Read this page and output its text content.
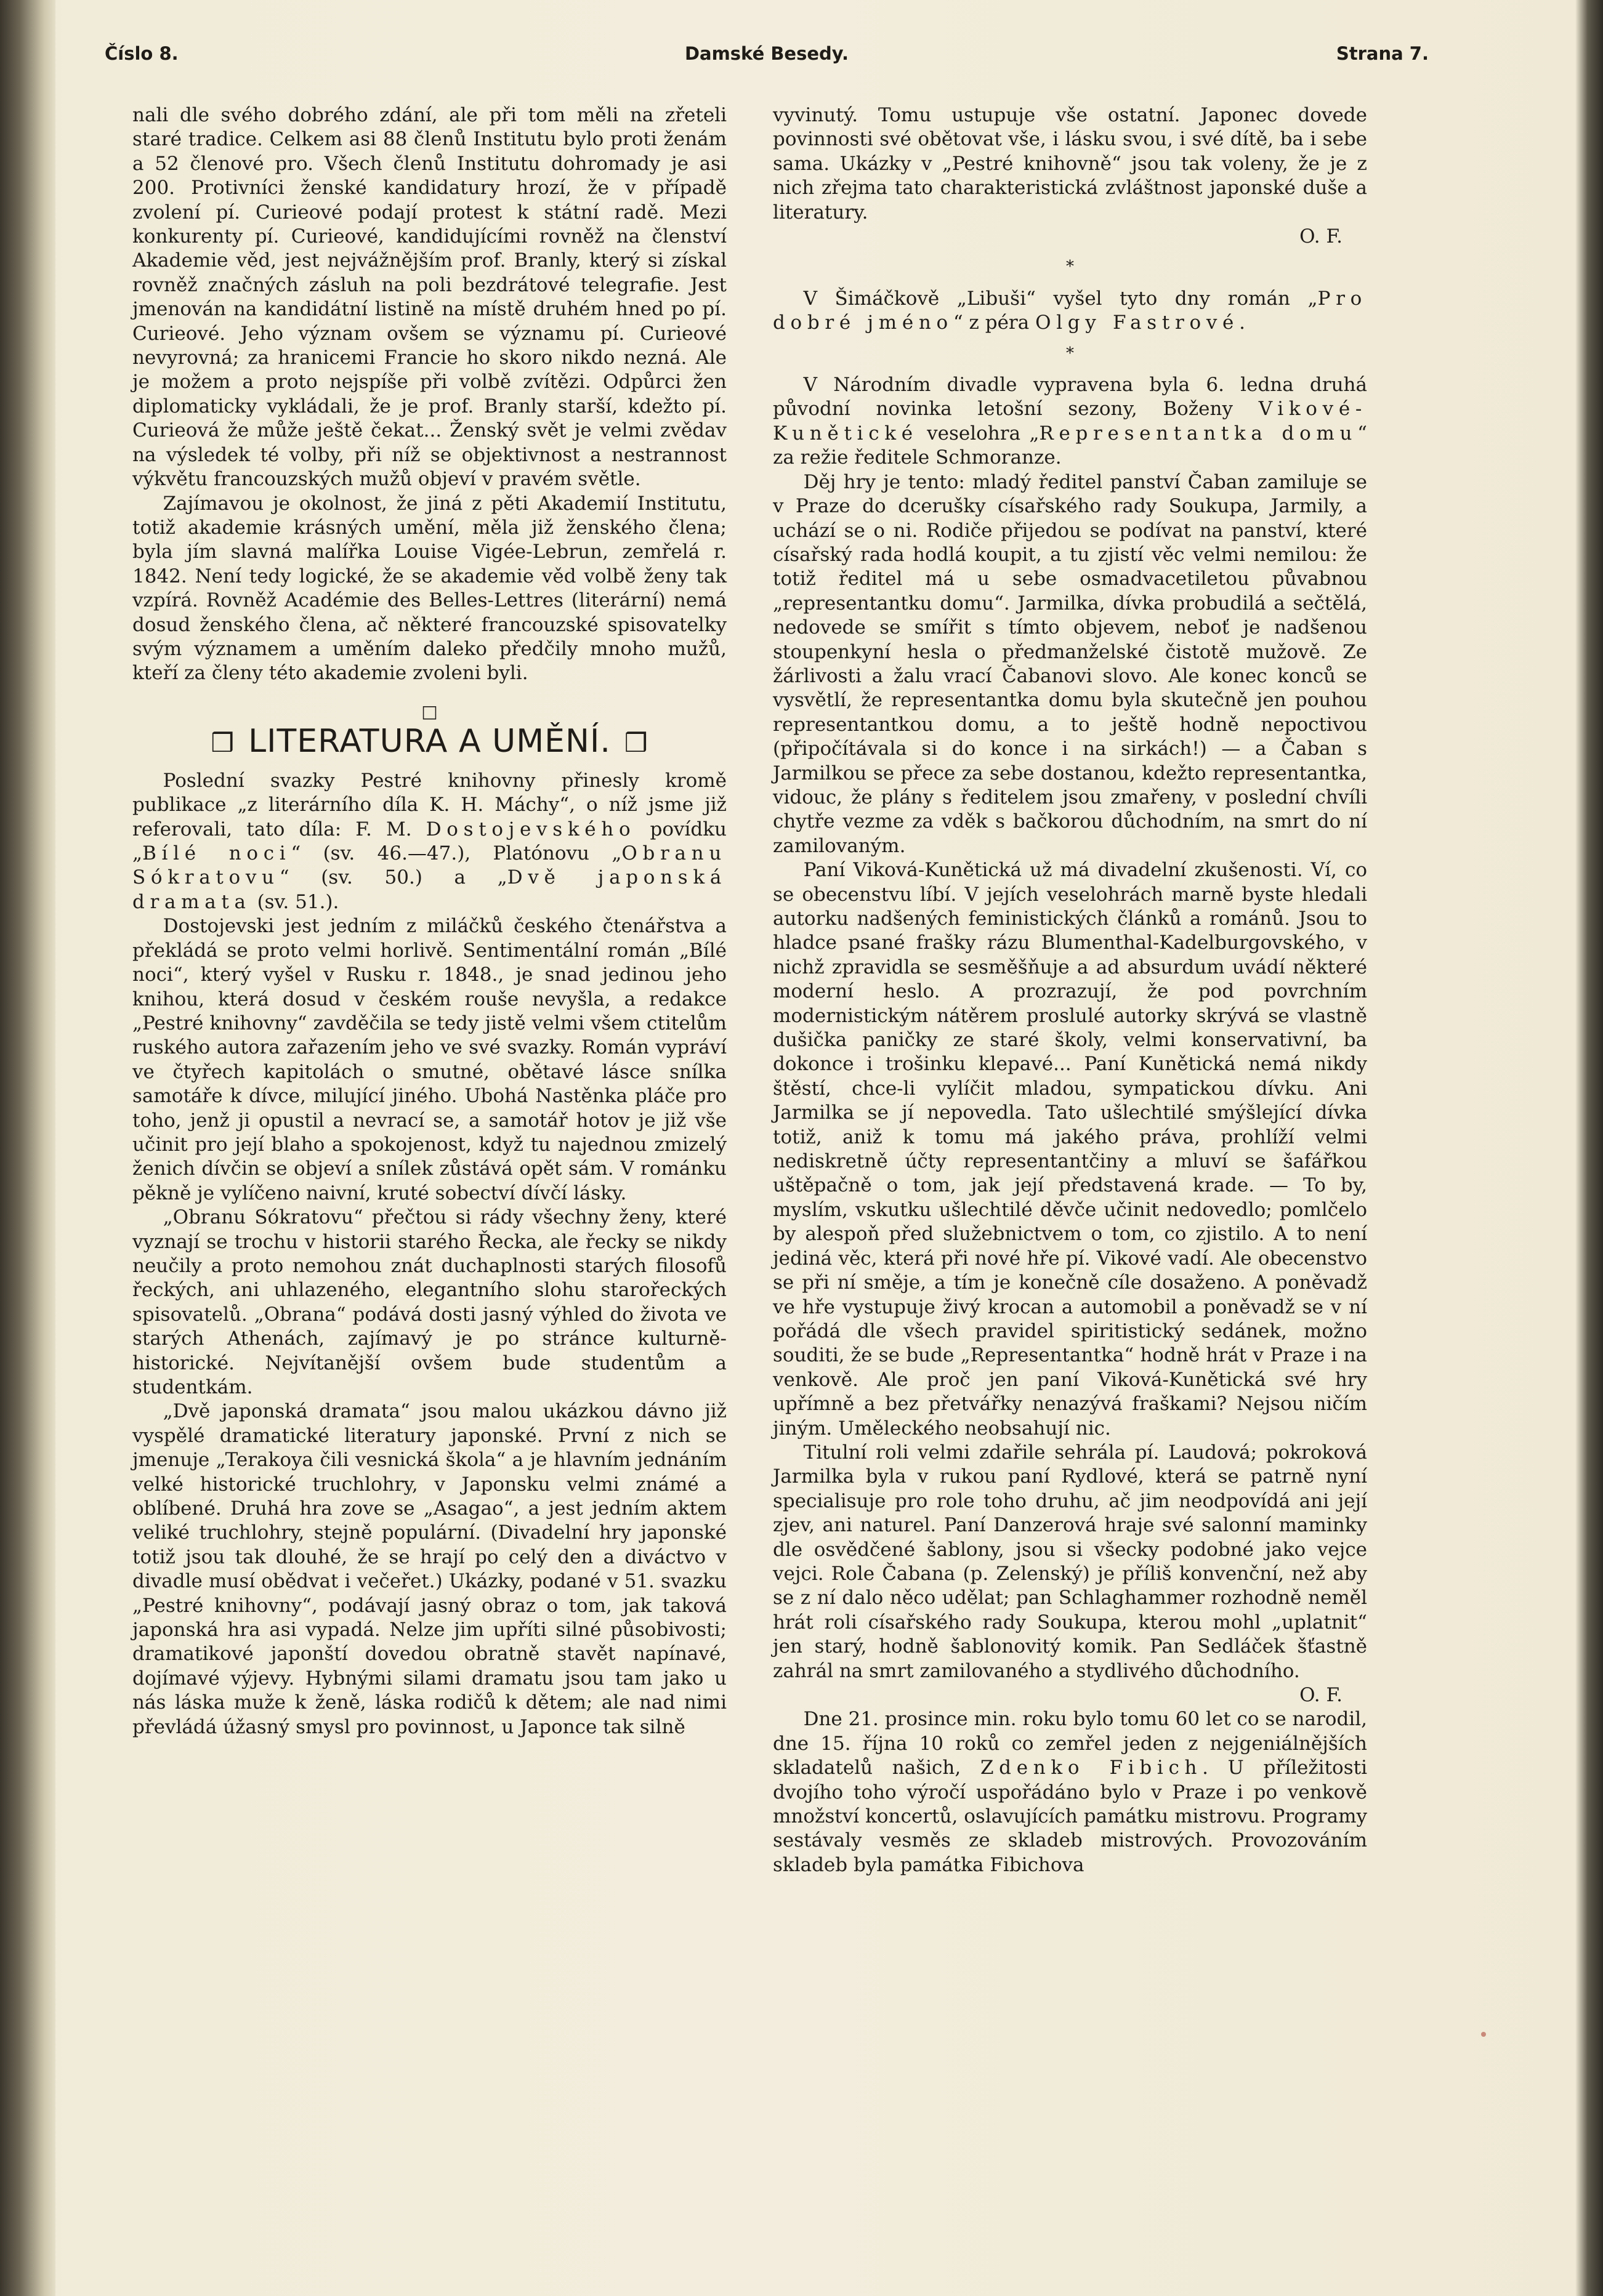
Číslo 8.	Damské Besedy.	Strana 7.

nali dle svého dobrého zdání, ale při tom měli na zřeteli staré tradice. Celkem asi 88 členů Institutu bylo proti ženám a 52 členové pro. Všech členů Institutu dohromady je asi 200. Protivníci ženské kandidatury hrozí, že v případě zvolení pí. Curieové podají protest k státní radě. Mezi konkurenty pí. Curieové, kandidujícími rovněž na členství Akademie věd, jest nejvážnějším prof. Branly, který si získal rovněž značných zásluh na poli bezdrátové telegrafie. Jest jmenován na kandidátní listině na místě druhém hned po pí. Curieové. Jeho význam ovšem se významu pí. Curieové nevyrovná; za hranicemi Francie ho skoro nikdo nezná. Ale je možem a proto nejspíše při volbě zvítězi. Odpůrci žen diplomaticky vykládali, že je prof. Branly starší, kdežto pí. Curieová že může ještě čekat... Ženský svět je velmi zvědav na výsledek té volby, při níž se objektivnost a nestrannost výkvětu francouzských mužů objeví v pravém světle.

Zajímavou je okolnost, že jiná z pěti Akademií Institutu, totiž akademie krásných umění, měla již ženského člena; byla jím slavná malířka Louise Vigée-Lebrun, zemřelá r. 1842. Není tedy logické, že se akademie věd volbě ženy tak vzpírá. Rovněž Académie des Belles-Lettres (literární) nemá dosud ženského člena, ač některé francouzské spisovatelky svým významem a uměním daleko předčily mnoho mužů, kteří za členy této akademie zvoleni byli.

□
❒ LITERATURA A UMĚNÍ. ❒

Poslední svazky Pestré knihovny přinesly kromě publikace „z literárního díla K. H. Máchy“, o níž jsme již referovali, tato díla: F. M. Dostojevského povídku „Bílé noci“ (sv. 46.—47.), Platónovu „Obranu Sókratovu“ (sv. 50.) a „Dvě japonská dramata (sv. 51.).

Dostojevski jest jedním z miláčků českého čtenářstva a překládá se proto velmi horlivě. Sentimentální román „Bílé noci“, který vyšel v Rusku r. 1848., je snad jedinou jeho knihou, která dosud v českém rouše nevyšla, a redakce „Pestré knihovny“ zavděčila se tedy jistě velmi všem ctitelům ruského autora zařazením jeho ve své svazky. Román vypráví ve čtyřech kapitolách o smutné, obětavé lásce snílka samotáře k dívce, milující jiného. Ubohá Nastěnka pláče pro toho, jenž ji opustil a nevrací se, a samotář hotov je již vše učinit pro její blaho a spokojenost, když tu najednou zmizelý ženich dívčin se objeví a snílek zůstává opět sám. V románku pěkně je vylíčeno naivní, kruté sobectví dívčí lásky.

„Obranu Sókratovu“ přečtou si rády všechny ženy, které vyznají se trochu v historii starého Řecka, ale řecky se nikdy neučily a proto nemohou znát duchaplnosti starých filosofů řeckých, ani uhlazeného, elegantního slohu starořeckých spisovatelů. „Obrana“ podává dosti jasný výhled do života ve starých Athenách, zajímavý je po stránce kulturně-historické. Nejvítanější ovšem bude studentům a studentkám.

„Dvě japonská dramata“ jsou malou ukázkou dávno již vyspělé dramatické literatury japonské. První z nich se jmenuje „Terakoya čili vesnická škola“ a je hlavním jednáním velké historické truchlohry, v Japonsku velmi známé a oblíbené. Druhá hra zove se „Asagao“, a jest jedním aktem veliké truchlohry, stejně populární. (Divadelní hry japonské totiž jsou tak dlouhé, že se hrají po celý den a diváctvo v divadle musí obědvat i večeřet.) Ukázky, podané v 51. svazku „Pestré knihovny“, podávají jasný obraz o tom, jak taková japonská hra asi vypadá. Nelze jim upříti silné působivosti; dramatikové japonští dovedou obratně stavět napínavé, dojímavé výjevy. Hybnými silami dramatu jsou tam jako u nás láska muže k ženě, láska rodičů k dětem; ale nad nimi převládá úžasný smysl pro povinnost, u Japonce tak silně

vyvinutý. Tomu ustupuje vše ostatní. Japonec dovede povinnosti své obětovat vše, i lásku svou, i své dítě, ba i sebe sama. Ukázky v „Pestré knihovně“ jsou tak voleny, že je z nich zřejma tato charakteristická zvláštnost japonské duše a literatury.
O. F.

*

V Šimáčkově „Libuši“ vyšel tyto dny román „Pro dobré jméno“ z péra Olgy Fastrové.

*

V Národním divadle vypravena byla 6. ledna druhá původní novinka letošní sezony, Boženy Vikové-Kunětické veselohra „Representantka domu“ za režie ředitele Schmoranze.

Děj hry je tento: mladý ředitel panství Čaban zamiluje se v Praze do dcerušky císařského rady Soukupa, Jarmily, a uchází se o ni. Rodiče přijedou se podívat na panství, které císařský rada hodlá koupit, a tu zjistí věc velmi nemilou: že totiž ředitel má u sebe osmadvacetiletou půvabnou „representantku domu“. Jarmilka, dívka probudilá a sečtělá, nedovede se smířit s tímto objevem, neboť je nadšenou stoupenkyní hesla o předmanželské čistotě mužově. Ze žárlivosti a žalu vrací Čabanovi slovo. Ale konec konců se vysvětlí, že representantka domu byla skutečně jen pouhou representantkou domu, a to ještě hodně nepoctivou (připočítávala si do konce i na sirkách!) — a Čaban s Jarmilkou se přece za sebe dostanou, kdežto representantka, vidouc, že plány s ředitelem jsou zmařeny, v poslední chvíli chytře vezme za vděk s bačkorou důchodním, na smrt do ní zamilovaným.

Paní Viková-Kunětická už má divadelní zkušenosti. Ví, co se obecenstvu líbí. V jejích veselohrách marně byste hledali autorku nadšených feministických článků a románů. Jsou to hladce psané frašky rázu Blumenthal-Kadelburgovského, v nichž zpravidla se sesměšňuje a ad absurdum uvádí některé moderní heslo. A prozrazují, že pod povrchním modernistickým nátěrem proslulé autorky skrývá se vlastně dušička paničky ze staré školy, velmi konservativní, ba dokonce i trošinku klepavé... Paní Kunětická nemá nikdy štěstí, chce-li vylíčit mladou, sympatickou dívku. Ani Jarmilka se jí nepovedla. Tato ušlechtilé smýšlející dívka totiž, aniž k tomu má jakého práva, prohlíží velmi nediskretně účty representantčiny a mluví se šafářkou uštěpačně o tom, jak její představená krade. — To by, myslím, vskutku ušlechtilé děvče učinit nedovedlo; pomlčelo by alespoň před služebnictvem o tom, co zjistilo. A to není jediná věc, která při nové hře pí. Vikové vadí. Ale obecenstvo se při ní směje, a tím je konečně cíle dosaženo. A poněvadž ve hře vystupuje živý krocan a automobil a poněvadž se v ní pořádá dle všech pravidel spiritistický sedánek, možno souditi, že se bude „Representantka“ hodně hrát v Praze i na venkově. Ale proč jen paní Viková-Kunětická své hry upřímně a bez přetvářky nenazývá fraškami? Nejsou ničím jiným. Uměleckého neobsahují nic.

Titulní roli velmi zdařile sehrála pí. Laudová; pokroková Jarmilka byla v rukou paní Rydlové, která se patrně nyní specialisuje pro role toho druhu, ač jim neodpovídá ani její zjev, ani naturel. Paní Danzerová hraje své salonní maminky dle osvědčené šablony, jsou si všecky podobné jako vejce vejci. Role Čabana (p. Zelenský) je příliš konvenční, než aby se z ní dalo něco udělat; pan Schlaghammer rozhodně neměl hrát roli císařského rady Soukupa, kterou mohl „uplatnit“ jen starý, hodně šablonovitý komik. Pan Sedláček šťastně zahrál na smrt zamilovaného a stydlivého důchodního.
O. F.

Dne 21. prosince min. roku bylo tomu 60 let co se narodil, dne 15. října 10 roků co zemřel jeden z nejgeniálnějších skladatelů našich, Zdenko Fibich. U příležitosti dvojího toho výročí uspořádáno bylo v Praze i po venkově množství koncertů, oslavujících památku mistrovu. Programy sestávaly vesměs ze skladeb mistrových. Provozováním skladeb byla památka Fibichova
